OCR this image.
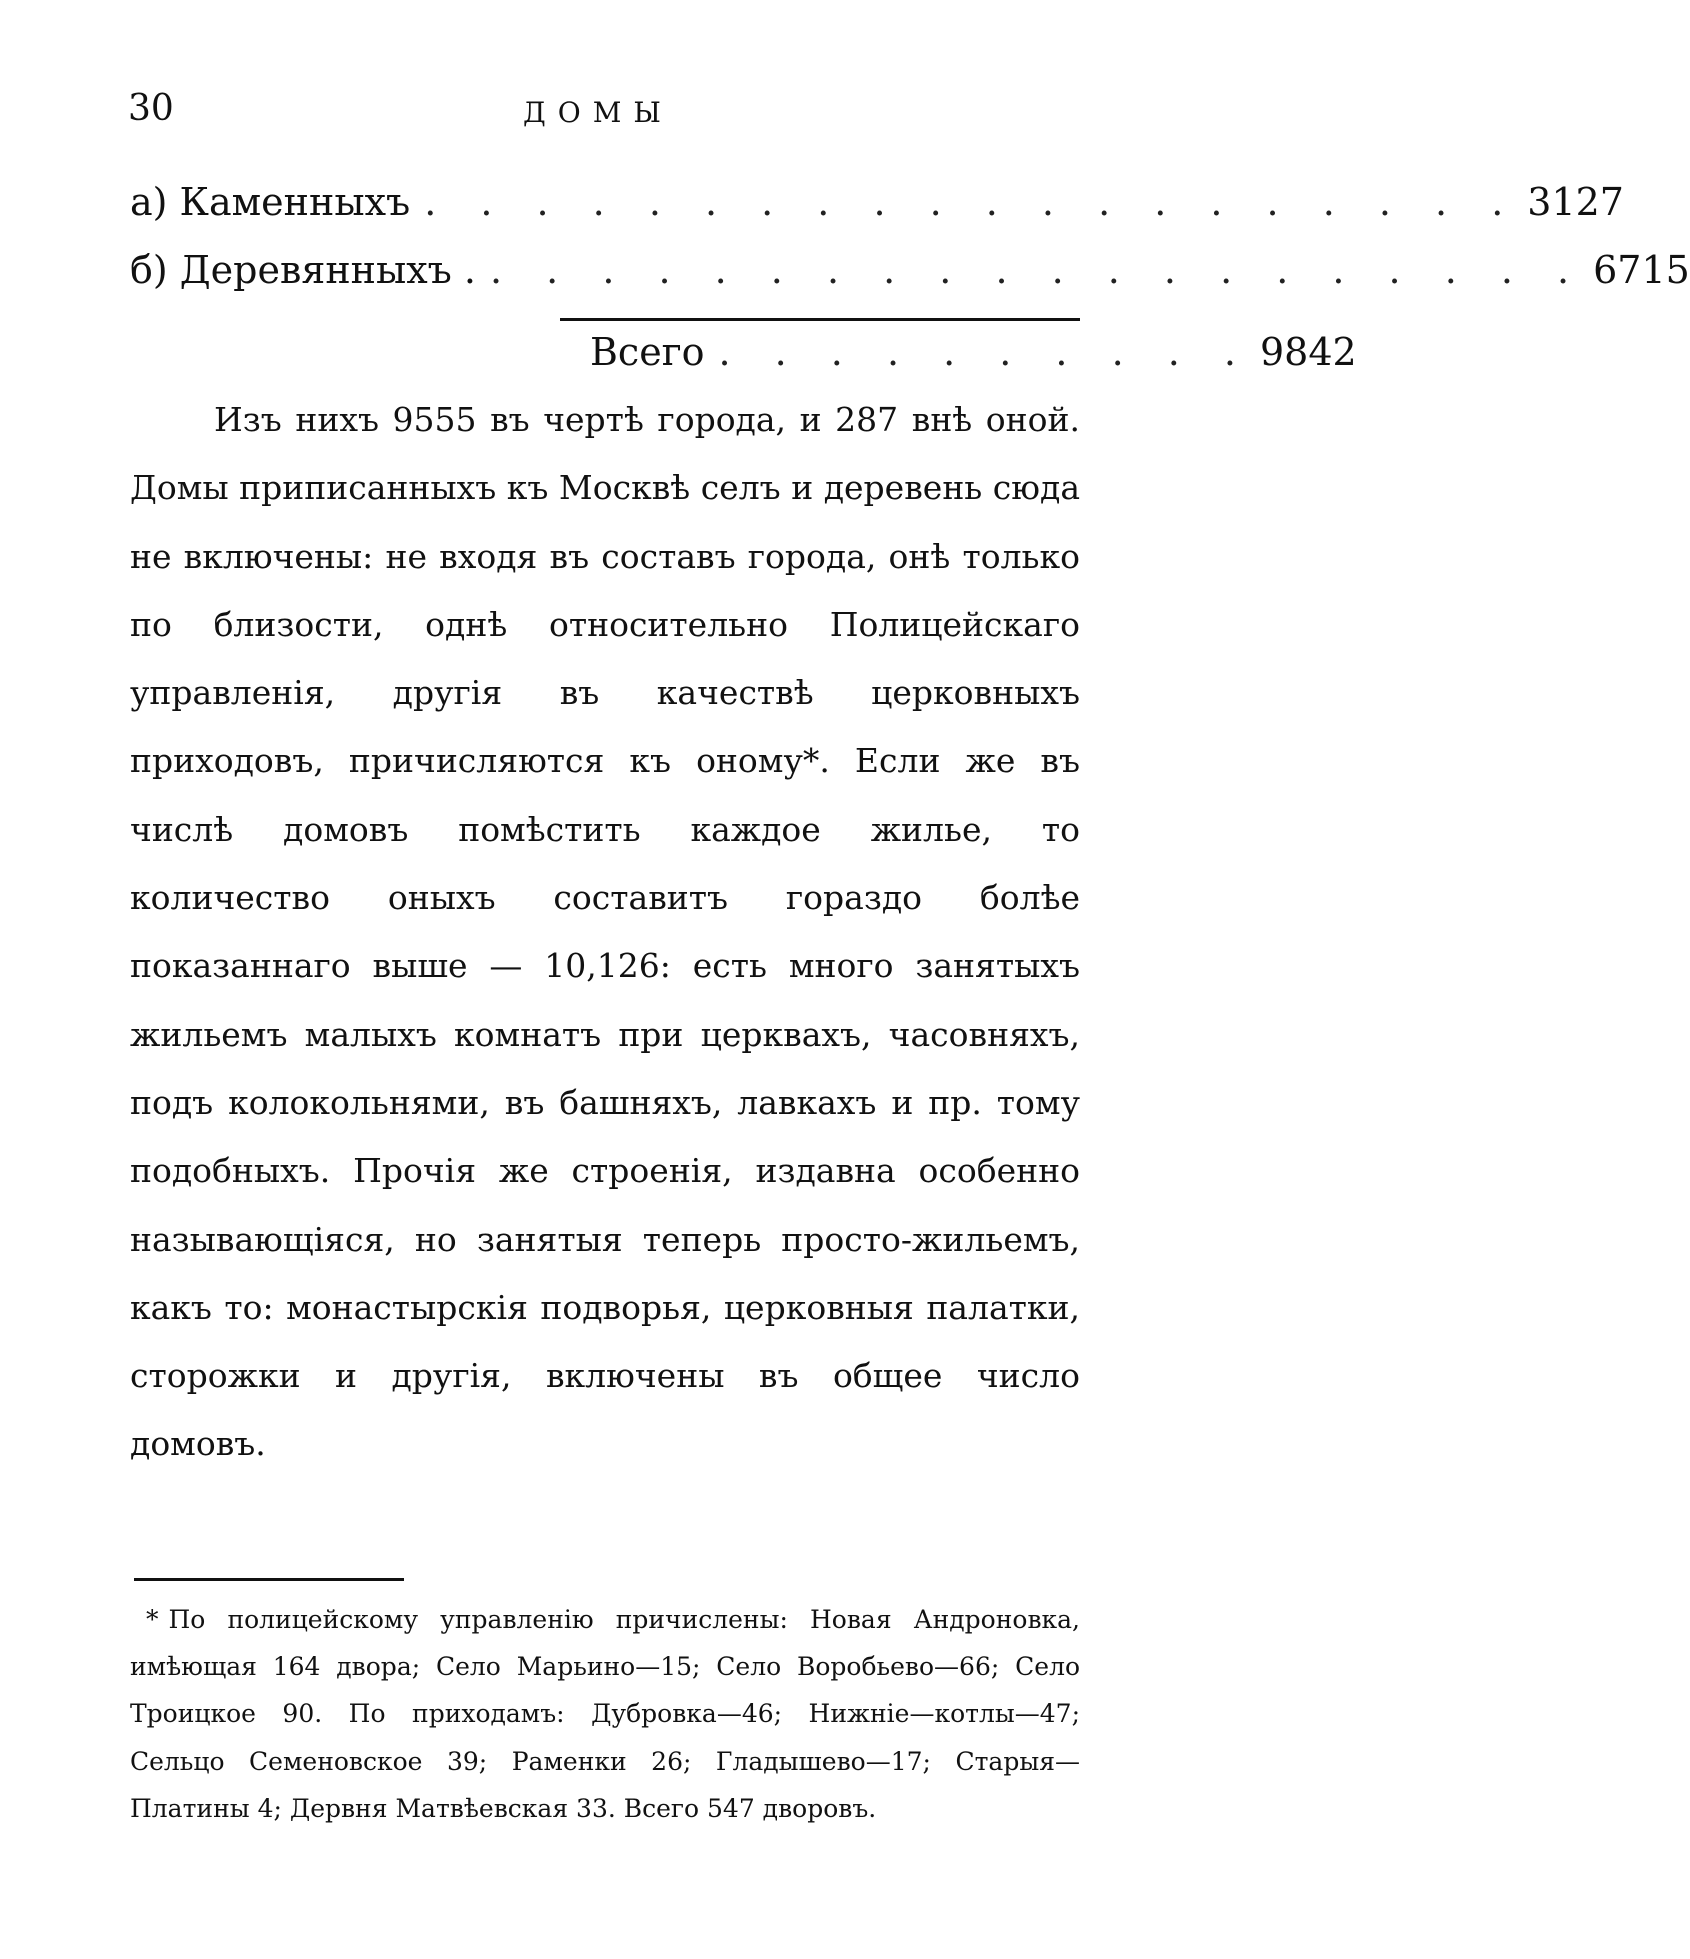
30	ДОМЫ
а) Каменныхъ . . . . . . . . . . . . . . . . . . . . 3127
б) Деревянныхъ . . . . . . . . . . . . . . . . . . . . . 6715
Всего . . . . . . . . . . 9842

Изъ нихъ 9555 въ чертѣ города, и 287 внѣ оной. Домы приписанныхъ къ Москвѣ селъ и деревень сюда не включены: не входя въ составъ города, онѣ только по близости, однѣ относительно Полицейскаго управленія, другія въ качествѣ церковныхъ приходовъ, причисляются къ оному*. Если же въ числѣ домовъ помѣстить каждое жилье, то количество оныхъ составитъ гораздо болѣе показаннаго выше — 10,126: есть много занятыхъ жильемъ малыхъ комнатъ при церквахъ, часовняхъ, подъ колокольнями, въ башняхъ, лавкахъ и пр. тому подобныхъ. Прочія же строенія, издавна особенно называющіяся, но занятыя теперь просто-жильемъ, какъ то: монастырскія подворья, церковныя палатки, сторожки и другія, включены въ общее число домовъ.

* По полицейскому управленію причислены: Новая Андроновка, имѣющая 164 двора; Село Марьино—15; Село Воробьево—66; Село Троицкое 90. По приходамъ: Дубровка—46; Нижніе—котлы—47; Сельцо Семеновское 39; Раменки 26; Гладышево—17; Старыя—Платины 4; Дервня Матвѣевская 33. Всего 547 дворовъ.
